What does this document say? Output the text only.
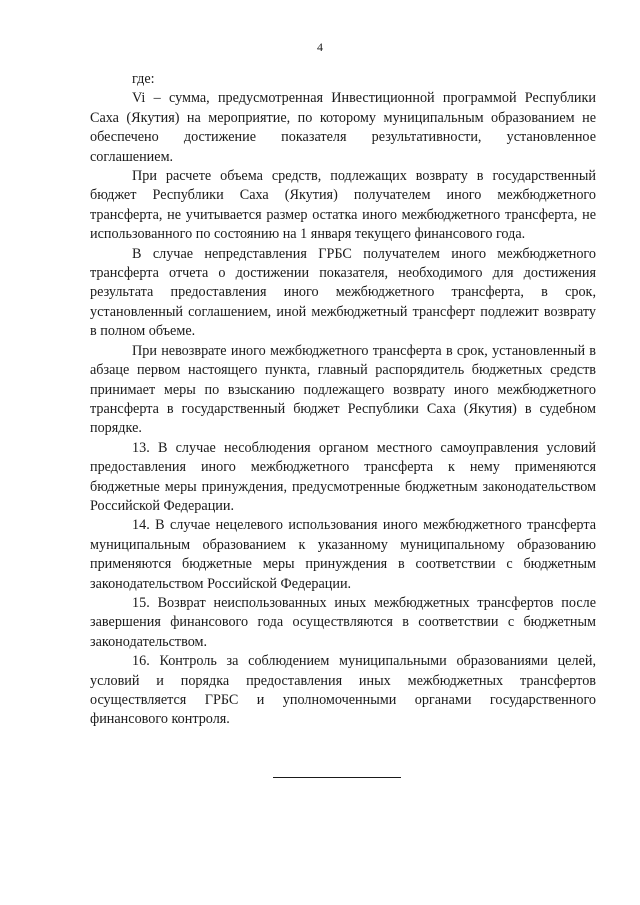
4

где:

Vi – сумма, предусмотренная Инвестиционной программой Республики Саха (Якутия) на мероприятие, по которому муниципальным образованием не обеспечено достижение показателя результативности, установленное соглашением.

При расчете объема средств, подлежащих возврату в государственный бюджет Республики Саха (Якутия) получателем иного межбюджетного трансферта, не учитывается размер остатка иного межбюджетного трансферта, не использованного по состоянию на 1 января текущего финансового года.

В случае непредставления ГРБС получателем иного межбюджетного трансферта отчета о достижении показателя, необходимого для достижения результата предоставления иного межбюджетного трансферта, в срок, установленный соглашением, иной межбюджетный трансферт подлежит возврату в полном объеме.

При невозврате иного межбюджетного трансферта в срок, установленный в абзаце первом настоящего пункта, главный распорядитель бюджетных средств принимает меры по взысканию подлежащего возврату иного межбюджетного трансферта в государственный бюджет Республики Саха (Якутия) в судебном порядке.

13. В случае несоблюдения органом местного самоуправления условий предоставления иного межбюджетного трансферта к нему применяются бюджетные меры принуждения, предусмотренные бюджетным законодательством Российской Федерации.

14. В случае нецелевого использования иного межбюджетного трансферта муниципальным образованием к указанному муниципальному образованию применяются бюджетные меры принуждения в соответствии с бюджетным законодательством Российской Федерации.

15. Возврат неиспользованных иных межбюджетных трансфертов после завершения финансового года осуществляются в соответствии с бюджетным законодательством.

16. Контроль за соблюдением муниципальными образованиями целей, условий и порядка предоставления иных межбюджетных трансфертов осуществляется ГРБС и уполномоченными органами государственного финансового контроля.
